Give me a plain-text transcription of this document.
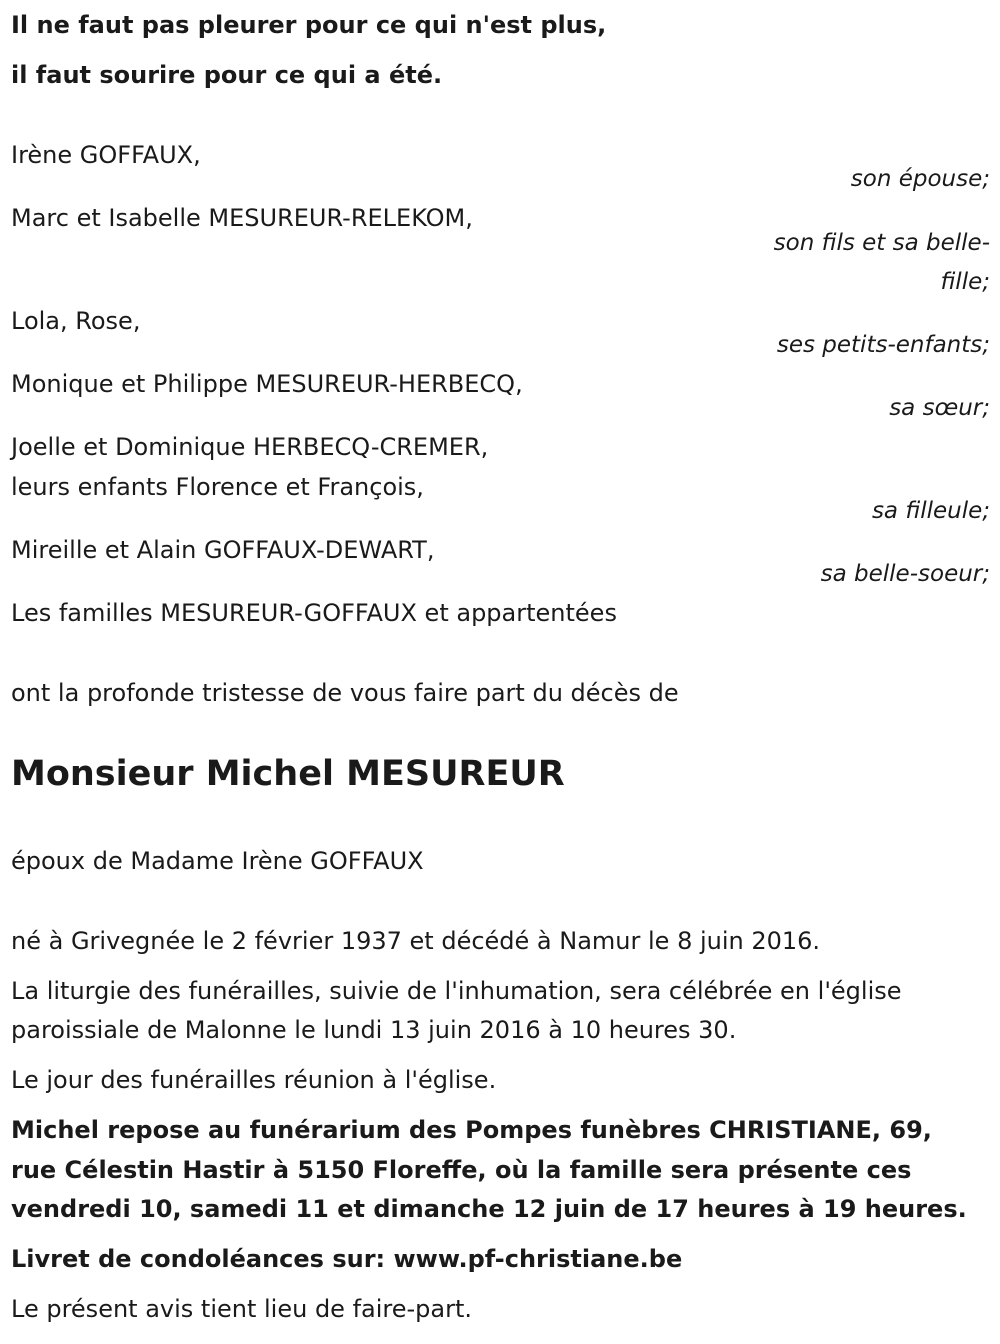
Il ne faut pas pleurer pour ce qui n'est plus,
il faut sourire pour ce qui a été.
Irène GOFFAUX,
son épouse;
Marc et Isabelle MESUREUR-RELEKOM,
son fils et sa belle-
fille;
Lola, Rose,
ses petits-enfants;
Monique et Philippe MESUREUR-HERBECQ,
sa sœur;
Joelle et Dominique HERBECQ-CREMER,
leurs enfants Florence et François,
sa filleule;
Mireille et Alain GOFFAUX-DEWART,
sa belle-soeur;
Les familles MESUREUR-GOFFAUX et appartentées
ont la profonde tristesse de vous faire part du décès de
Monsieur Michel MESUREUR
époux de Madame Irène GOFFAUX
né à Grivegnée le 2 février 1937 et décédé à Namur le 8 juin 2016.
La liturgie des funérailles, suivie de l'inhumation, sera célébrée en l'église
paroissiale de Malonne le lundi 13 juin 2016 à 10 heures 30.
Le jour des funérailles réunion à l'église.
Michel repose au funérarium des Pompes funèbres CHRISTIANE, 69,
rue Célestin Hastir à 5150 Floreffe, où la famille sera présente ces
vendredi 10, samedi 11 et dimanche 12 juin de 17 heures à 19 heures.
Livret de condoléances sur: www.pf-christiane.be
Le présent avis tient lieu de faire-part.
